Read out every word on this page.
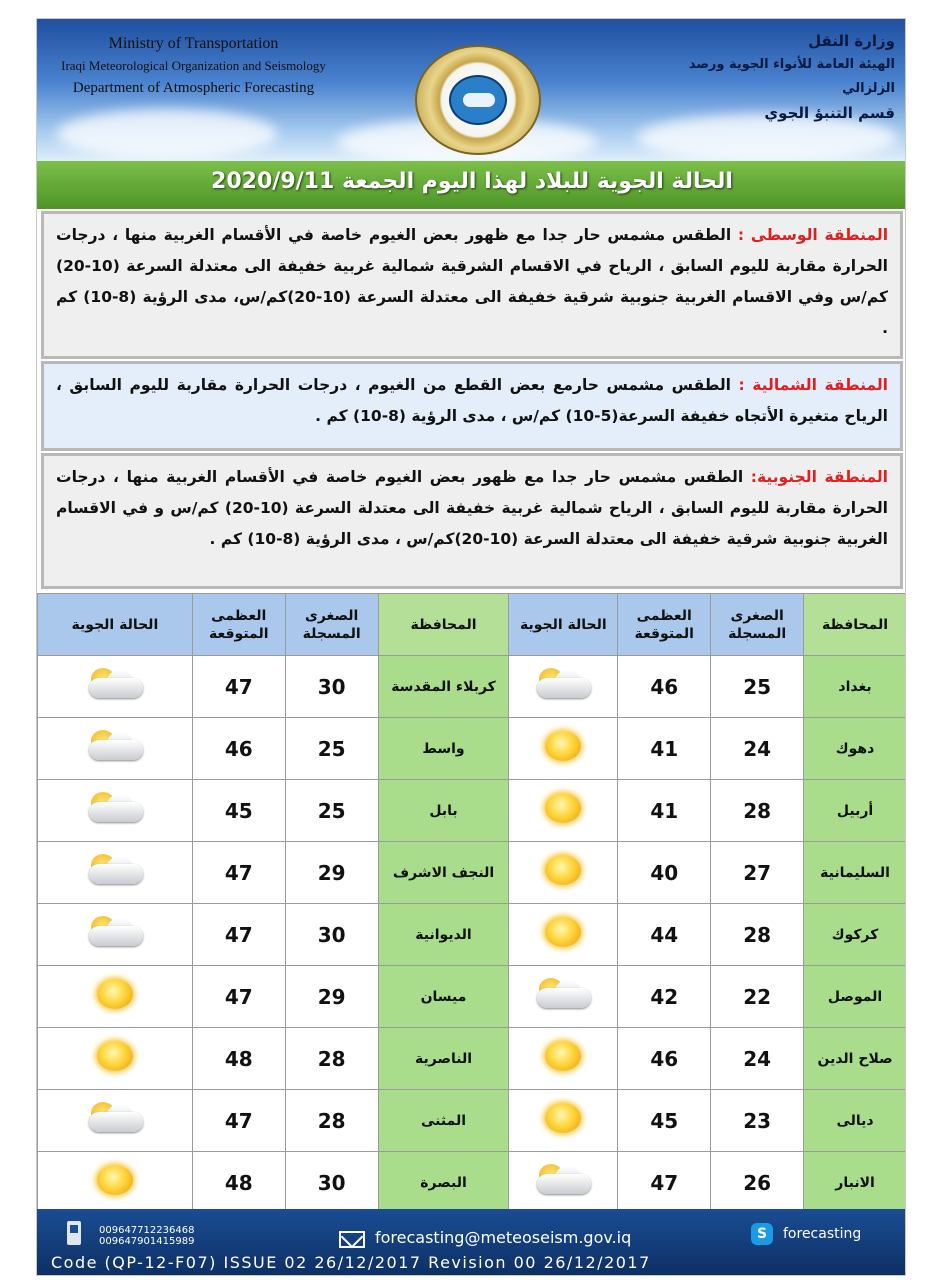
Ministry of Transportation
Iraqi Meteorological Organization and Seismology
Department of Atmospheric Forecasting
وزارة النقل
الهيئة العامة للأنواء الجوية ورصد الزلزالي
قسم التنبؤ الجوي
الحالة الجوية للبلاد لهذا اليوم الجمعة 2020/9/11
المنطقة الوسطى : الطقس مشمس حار جدا مع ظهور بعض الغيوم خاصة في الأقسام الغربية منها ، درجات الحرارة مقاربة لليوم السابق ، الرياح في الاقسام الشرقية شمالية غربية خفيفة الى معتدلة السرعة (10-20) كم/س وفي الاقسام الغربية جنوبية شرقية خفيفة الى معتدلة السرعة (10-20)كم/س، مدى الرؤية (8-10) كم .
المنطقة الشمالية : الطقس مشمس حارمع بعض القطع من الغيوم ، درجات الحرارة مقاربة لليوم السابق ، الرياح متغيرة الأتجاه خفيفة السرعة(5-10) كم/س ، مدى الرؤية (8-10) كم .
المنطقة الجنوبية: الطقس مشمس حار جدا مع ظهور بعض الغيوم خاصة في الأقسام الغربية منها ، درجات الحرارة مقاربة لليوم السابق ، الرياح شمالية غربية خفيفة الى معتدلة السرعة (10-20) كم/س و في الاقسام الغربية جنوبية شرقية خفيفة الى معتدلة السرعة (10-20)كم/س ، مدى الرؤية (8-10) كم .
المحافظة	الصغرى المسجلة	العظمى المتوقعة	الحالة الجوية	المحافظة	الصغرى المسجلة	العظمى المتوقعة	الحالة الجوية
بغداد	25	46		كربلاء المقدسة	30	47	

دهوك	24	41		واسط	25	46	

أربيل	28	41		بابل	25	45	

السليمانية	27	40		النجف الاشرف	29	47	

كركوك	28	44		الديوانية	30	47	

الموصل	22	42		ميسان	29	47	
صلاح الدين	24	46		الناصرية	28	48	
ديالى	23	45		المثنى	28	47	

الانبار	26	47		البصرة	30	48	
009647712236468
009647901415989	forecasting@meteoseism.gov.iq	S	forecasting
Code (QP-12-F07) ISSUE 02 26/12/2017 Revision 00 26/12/2017
